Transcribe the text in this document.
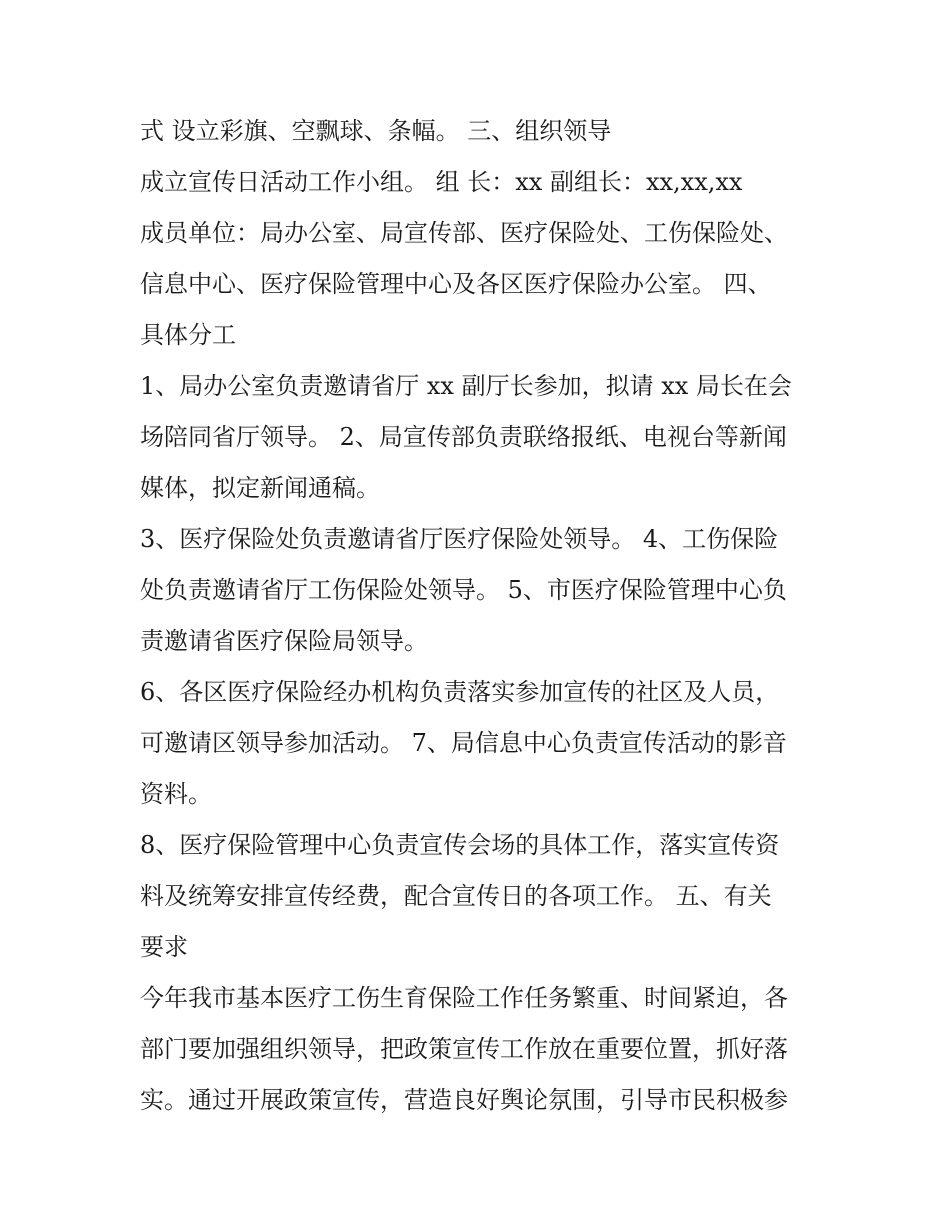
式 设立彩旗、空飘球、条幅。 三、组织领导
成立宣传日活动工作小组。 组 长：xx 副组长：xx,xx,xx
成员单位：局办公室、局宣传部、医疗保险处、工伤保险处、
信息中心、医疗保险管理中心及各区医疗保险办公室。 四、
具体分工
1、局办公室负责邀请省厅 xx 副厅长参加，拟请 xx 局长在会
场陪同省厅领导。 2、局宣传部负责联络报纸、电视台等新闻
媒体，拟定新闻通稿。
3、医疗保险处负责邀请省厅医疗保险处领导。 4、工伤保险
处负责邀请省厅工伤保险处领导。 5、市医疗保险管理中心负
责邀请省医疗保险局领导。
6、各区医疗保险经办机构负责落实参加宣传的社区及人员，
可邀请区领导参加活动。 7、局信息中心负责宣传活动的影音
资料。
8、医疗保险管理中心负责宣传会场的具体工作，落实宣传资
料及统筹安排宣传经费，配合宣传日的各项工作。 五、有关
要求
今年我市基本医疗工伤生育保险工作任务繁重、时间紧迫，各
部门要加强组织领导，把政策宣传工作放在重要位置，抓好落
实。通过开展政策宣传，营造良好舆论氛围，引导市民积极参
